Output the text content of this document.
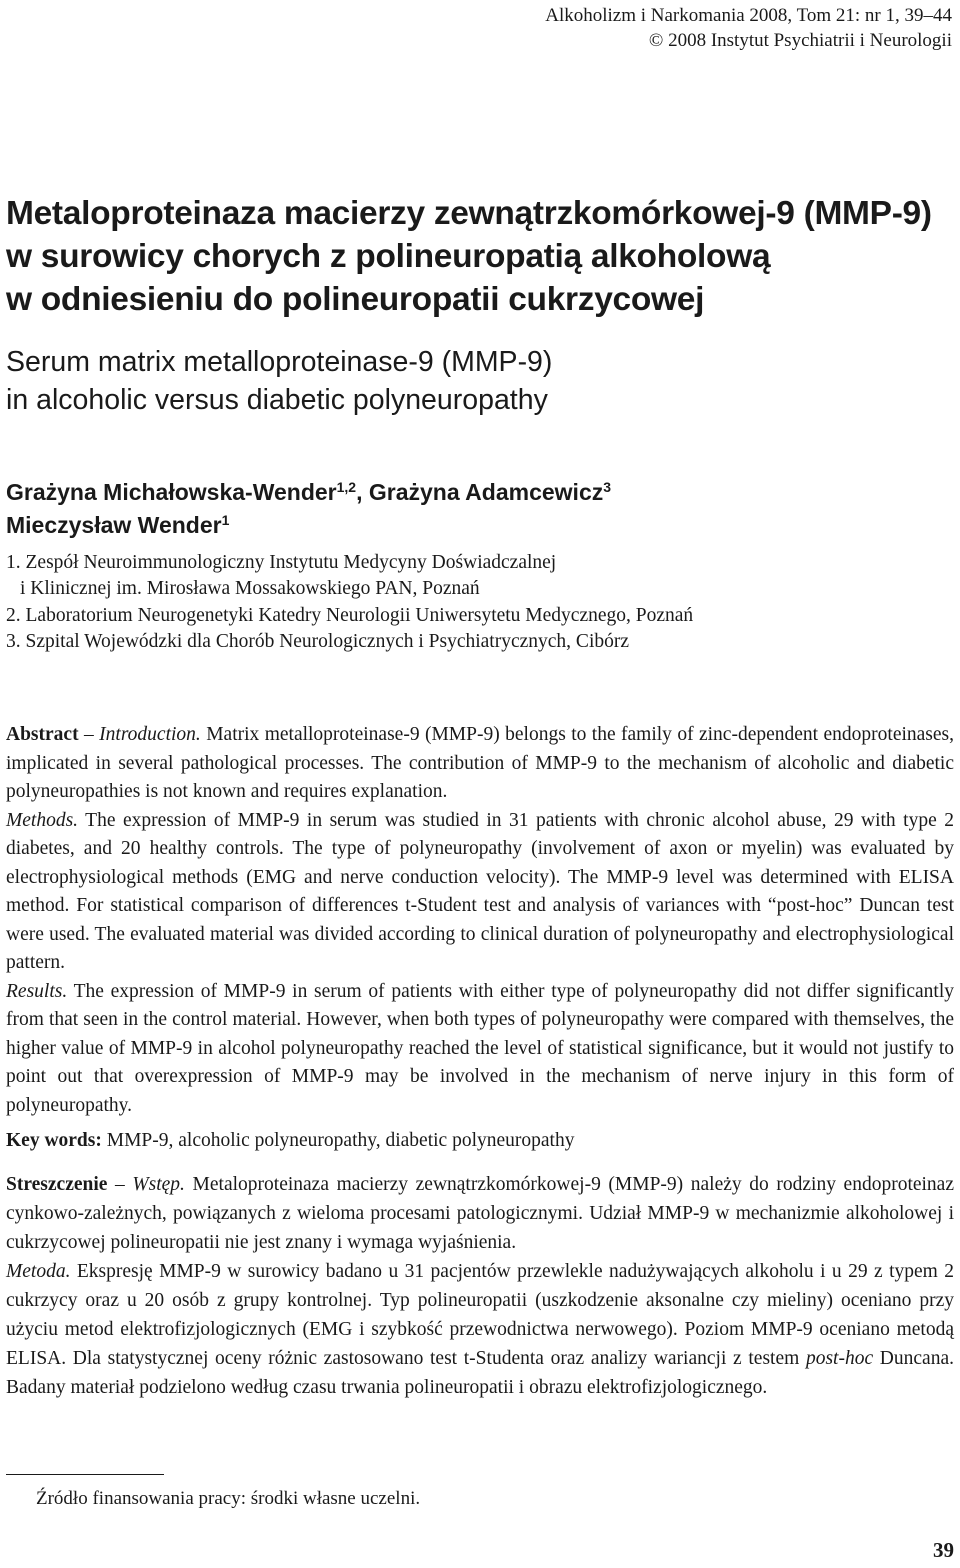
Alkoholizm i Narkomania 2008, Tom 21: nr 1, 39–44
© 2008 Instytut Psychiatrii i Neurologii
Metaloproteinaza macierzy zewnątrzkomórkowej-9 (MMP-9)
w surowicy chorych z polineuropatią alkoholową
w odniesieniu do polineuropatii cukrzycowej
Serum matrix metalloproteinase-9 (MMP-9)
in alcoholic versus diabetic polyneuropathy
Grażyna Michałowska-Wender$^{1,2}$, Grażyna Adamcewicz$^3$
Mieczysław Wender$^1$
1. Zespół Neuroimmunologiczny Instytutu Medycyny Doświadczalnej
i Klinicznej im. Mirosława Mossakowskiego PAN, Poznań
2. Laboratorium Neurogenetyki Katedry Neurologii Uniwersytetu Medycznego, Poznań
3. Szpital Wojewódzki dla Chorób Neurologicznych i Psychiatrycznych, Cibórz

Abstract – Introduction. Matrix metalloproteinase-9 (MMP-9) belongs to the family of zinc-dependent endoproteinases, implicated in several pathological processes. The contribution of MMP-9 to the mechanism of alcoholic and diabetic polyneuropathies is not known and requires explanation.

Methods. The expression of MMP-9 in serum was studied in 31 patients with chronic alcohol abuse, 29 with type 2 diabetes, and 20 healthy controls. The type of polyneuropathy (involvement of axon or myelin) was evaluated by electrophysiological methods (EMG and nerve conduction velocity). The MMP-9 level was determined with ELISA method. For statistical comparison of differences t-Student test and analysis of variances with “post-hoc” Duncan test were used. The evaluated material was divided according to clinical duration of polyneuropathy and electrophysiological pattern.

Results. The expression of MMP-9 in serum of patients with either type of polyneuropathy did not differ significantly from that seen in the control material. However, when both types of polyneuropathy were compared with themselves, the higher value of MMP-9 in alcohol polyneuropathy reached the level of statistical significance, but it would not justify to point out that overexpression of MMP-9 may be involved in the mechanism of nerve injury in this form of polyneuropathy.

Key words: MMP-9, alcoholic polyneuropathy, diabetic polyneuropathy

Streszczenie – Wstęp. Metaloproteinaza macierzy zewnątrzkomórkowej-9 (MMP-9) należy do rodziny endoproteinaz cynkowo-zależnych, powiązanych z wieloma procesami patologicznymi. Udział MMP-9 w mechanizmie alkoholowej i cukrzycowej polineuropatii nie jest znany i wymaga wyjaśnienia.

Metoda. Ekspresję MMP-9 w surowicy badano u 31 pacjentów przewlekle nadużywających alkoholu i u 29 z typem 2 cukrzycy oraz u 20 osób z grupy kontrolnej. Typ polineuropatii (uszkodzenie aksonalne czy mieliny) oceniano przy użyciu metod elektrofizjologicznych (EMG i szybkość przewodnictwa nerwowego). Poziom MMP-9 oceniano metodą ELISA. Dla statystycznej oceny różnic zastosowano test t-Studenta oraz analizy wariancji z testem post-hoc Duncana. Badany materiał podzielono według czasu trwania polineuropatii i obrazu elektrofizjologicznego.

Źródło finansowania pracy: środki własne uczelni.
39
